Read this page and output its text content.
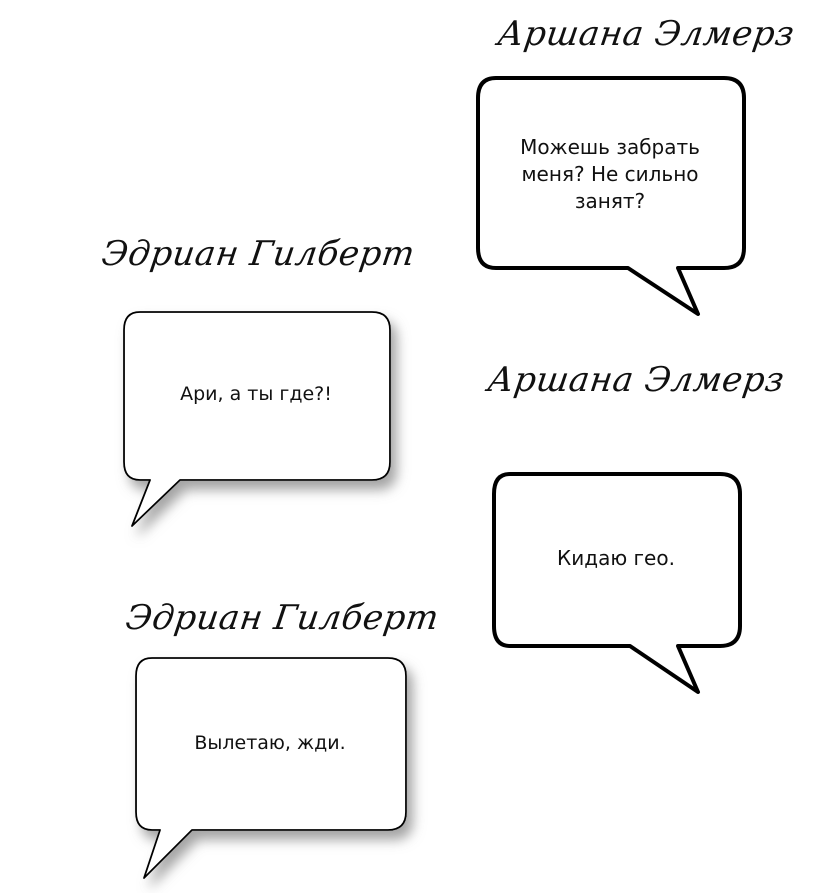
Аршана Элмерз
Эдриан Гилберт
Аршана Элмерз
Эдриан Гилберт
Можешь забрать меня? Не сильно занят?
Ари, а ты где?!
Кидаю гео.
Вылетаю, жди.
